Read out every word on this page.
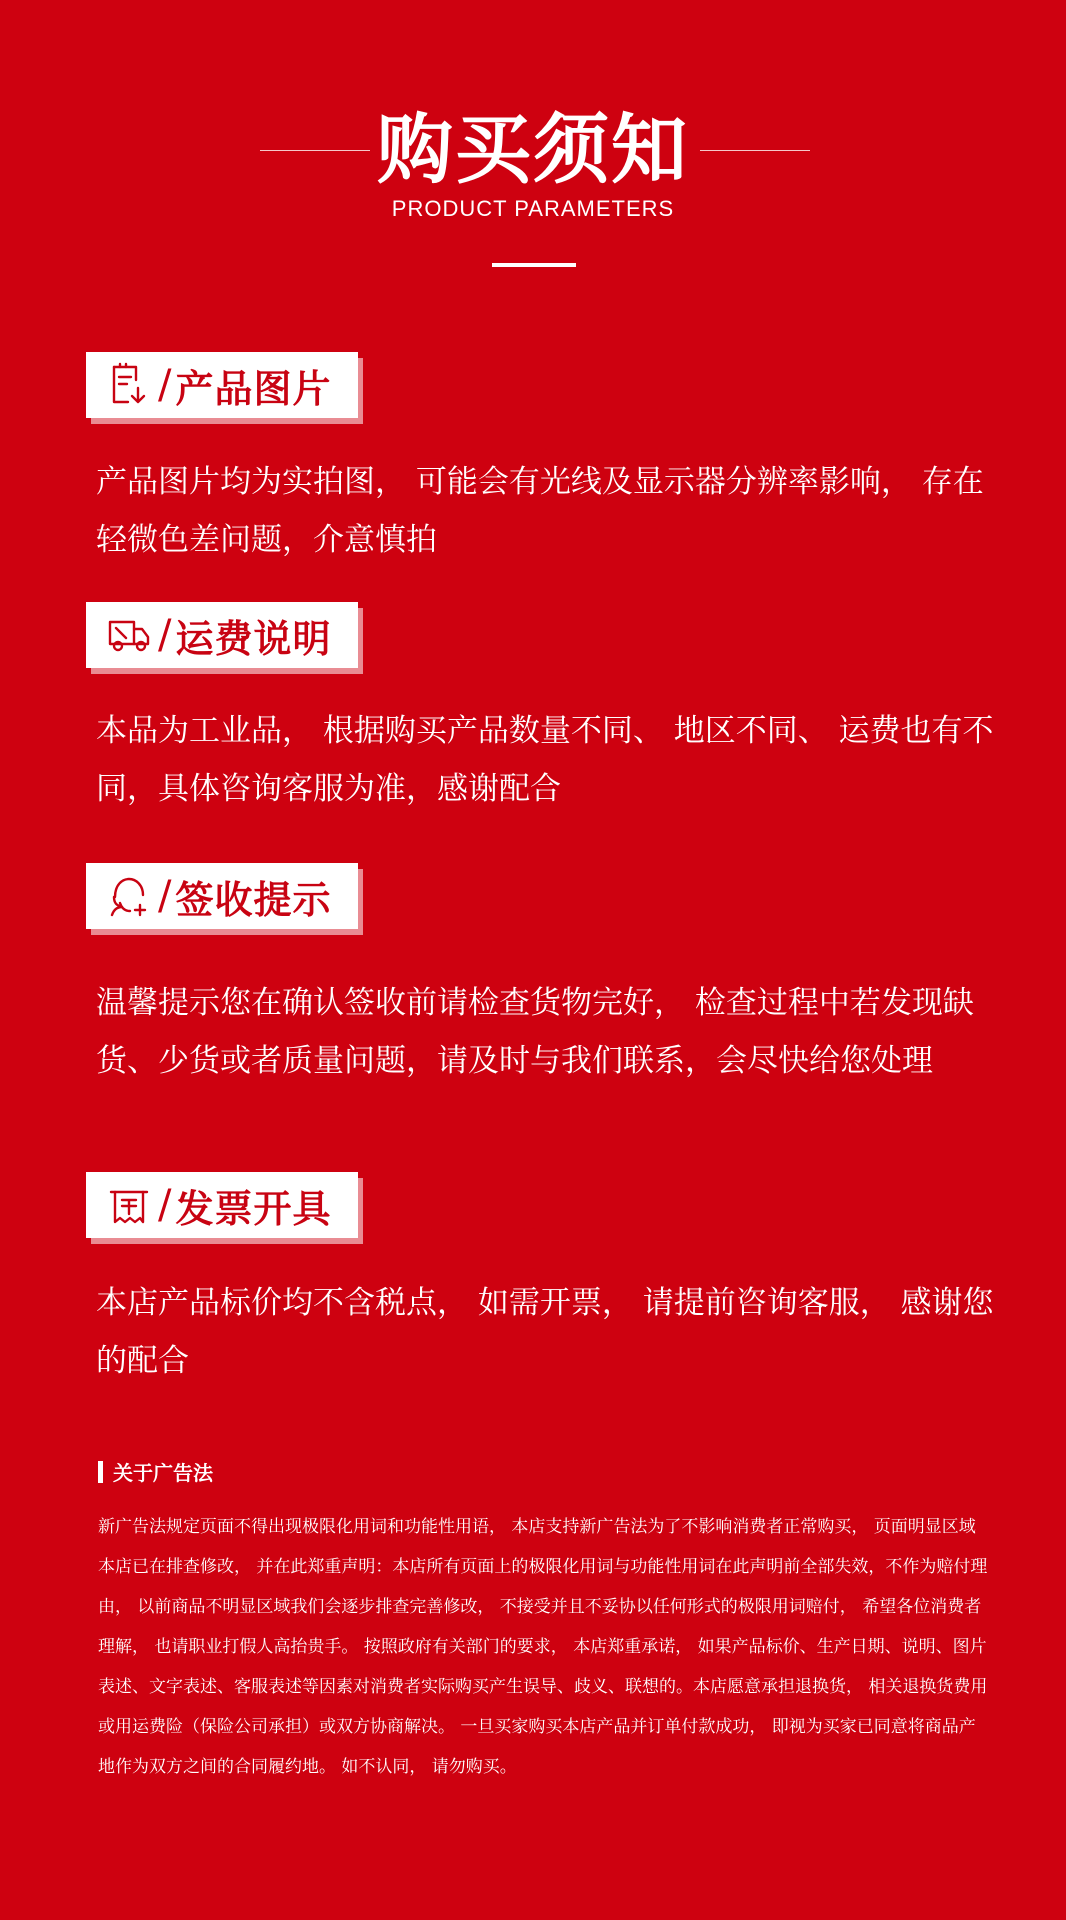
购买须知
PRODUCT PARAMETERS
/ 产品图片
产品图片均为实拍图， 可能会有光线及显示器分辨率影响， 存在轻微色差问题，介意慎拍
/ 运费说明
本品为工业品， 根据购买产品数量不同、 地区不同、 运费也有不同，具体咨询客服为准，感谢配合
/ 签收提示
温馨提示您在确认签收前请检查货物完好， 检查过程中若发现缺货、少货或者质量问题，请及时与我们联系，会尽快给您处理
/ 发票开具
本店产品标价均不含税点， 如需开票， 请提前咨询客服， 感谢您的配合
关于广告法
新广告法规定页面不得出现极限化用词和功能性用语， 本店支持新广告法为了不影响消费者正常购买， 页面明显区域本店已在排查修改， 并在此郑重声明：本店所有页面上的极限化用词与功能性用词在此声明前全部失效，不作为赔付理由， 以前商品不明显区域我们会逐步排查完善修改， 不接受并且不妥协以任何形式的极限用词赔付， 希望各位消费者理解， 也请职业打假人高抬贵手。 按照政府有关部门的要求， 本店郑重承诺， 如果产品标价、生产日期、说明、图片表述、文字表述、客服表述等因素对消费者实际购买产生误导、歧义、联想的。本店愿意承担退换货， 相关退换货费用或用运费险（保险公司承担）或双方协商解决。 一旦买家购买本店产品并订单付款成功， 即视为买家已同意将商品产地作为双方之间的合同履约地。 如不认同， 请勿购买。
